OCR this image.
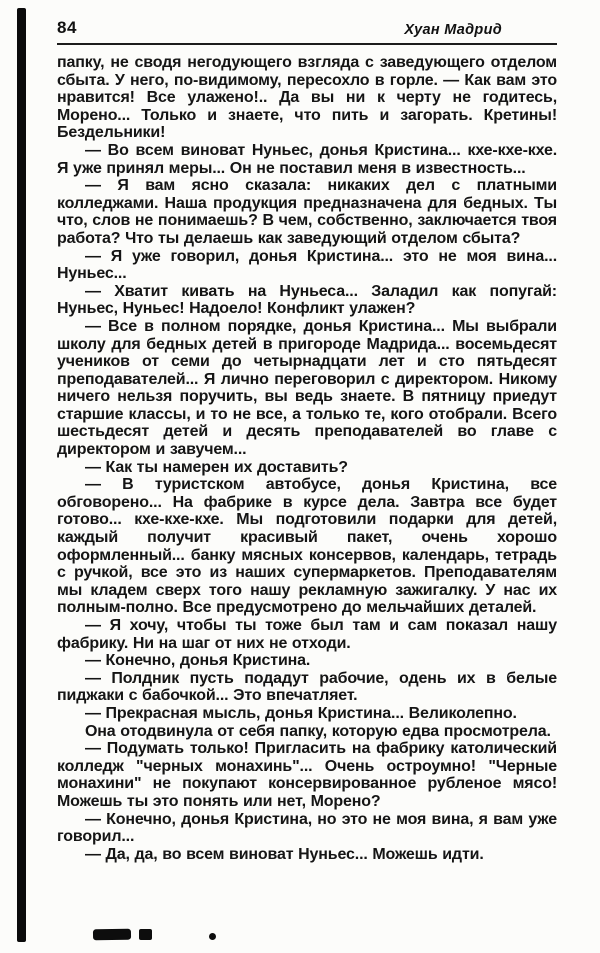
84	Хуан Мадрид

папку, не сводя негодующего взгляда с заведующего отделом сбыта. У него, по-видимому, пересохло в горле. — Как вам это нравится! Все улажено!.. Да вы ни к черту не годитесь, Морено... Только и знаете, что пить и загорать. Кретины! Бездельники!

— Во всем виноват Нуньес, донья Кристина... кхе-кхе-кхе. Я уже принял меры... Он не поставил меня в известность...

— Я вам ясно сказала: никаких дел с платными колледжами. Наша продукция предназначена для бедных. Ты что, слов не понимаешь? В чем, собственно, заключается твоя работа? Что ты делаешь как заведующий отделом сбыта?

— Я уже говорил, донья Кристина... это не моя вина... Нуньес...

— Хватит кивать на Нуньеса... Заладил как попугай: Нуньес, Нуньес! Надоело! Конфликт улажен?

— Все в полном порядке, донья Кристина... Мы выбрали школу для бедных детей в пригороде Мадрида... восемьдесят учеников от семи до четырнадцати лет и сто пятьдесят преподавателей... Я лично переговорил с директором. Никому ничего нельзя поручить, вы ведь знаете. В пятницу приедут старшие классы, и то не все, а только те, кого отобрали. Всего шестьдесят детей и десять преподавателей во главе с директором и завучем...

— Как ты намерен их доставить?

— В туристском автобусе, донья Кристина, все обговорено... На фабрике в курсе дела. Завтра все будет готово... кхе-кхе-кхе. Мы подготовили подарки для детей, каждый получит красивый пакет, очень хорошо оформленный... банку мясных консервов, календарь, тетрадь с ручкой, все это из наших супермаркетов. Преподавателям мы кладем сверх того нашу рекламную зажигалку. У нас их полным-полно. Все предусмотрено до мельчайших деталей.

— Я хочу, чтобы ты тоже был там и сам показал нашу фабрику. Ни на шаг от них не отходи.

— Конечно, донья Кристина.

— Полдник пусть подадут рабочие, одень их в белые пиджаки с бабочкой... Это впечатляет.

— Прекрасная мысль, донья Кристина... Великолепно.

Она отодвинула от себя папку, которую едва просмотрела.

— Подумать только! Пригласить на фабрику католический колледж "черных монахинь"... Очень остроумно! "Черные монахини" не покупают консервированное рубленое мясо! Можешь ты это понять или нет, Морено?

— Конечно, донья Кристина, но это не моя вина, я вам уже говорил...

— Да, да, во всем виноват Нуньес... Можешь идти.
